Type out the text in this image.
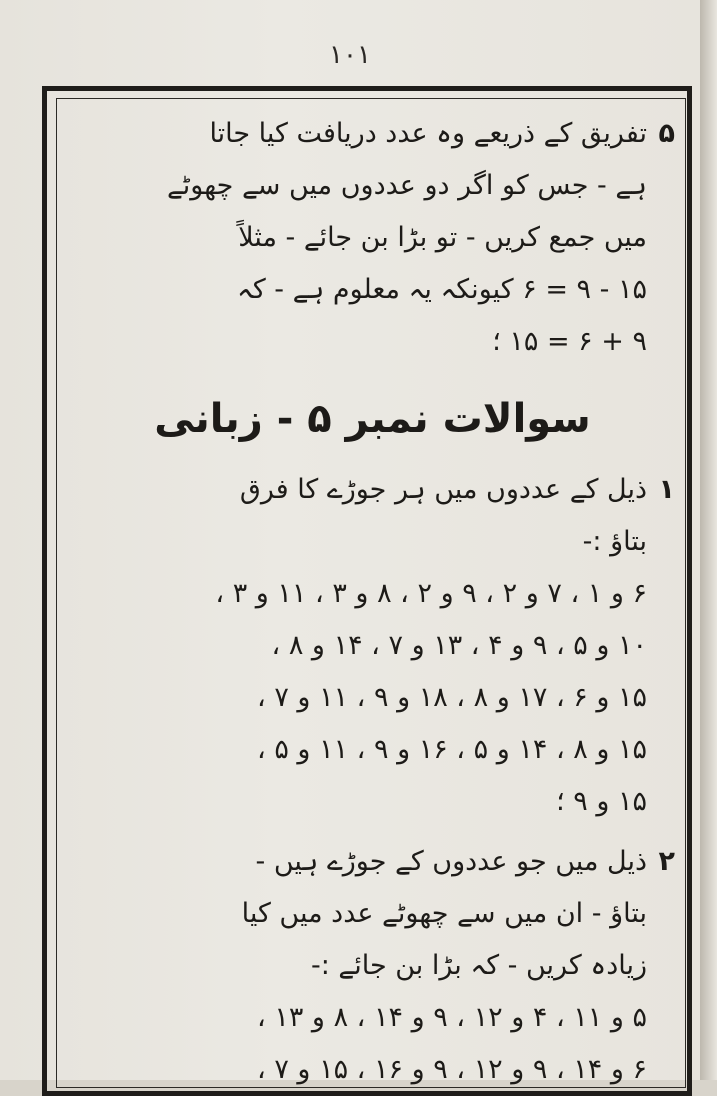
۱۰۱
۵تفریق کے ذریعے وہ عدد دریافت کیا جاتا
ہے - جس کو اگر دو عددوں میں سے چھوٹے
میں جمع کریں - تو بڑا بن جائے - مثلاً
۱۵ - ۹ = ۶ کیونکہ یہ معلوم ہے - کہ
۹ + ۶ = ۱۵ ؛
سوالات نمبر ۵ - زبانی
۱ذیل کے عددوں میں ہر جوڑے کا فرق
بتاؤ :-
۶ و ۱ ، ۷ و ۲ ، ۹ و ۲ ، ۸ و ۳ ، ۱۱ و ۳ ،
۱۰ و ۵ ، ۹ و ۴ ، ۱۳ و ۷ ، ۱۴ و ۸ ،
۱۵ و ۶ ، ۱۷ و ۸ ، ۱۸ و ۹ ، ۱۱ و ۷ ،
۱۵ و ۸ ، ۱۴ و ۵ ، ۱۶ و ۹ ، ۱۱ و ۵ ،
۱۵ و ۹ ؛
۲ذیل میں جو عددوں کے جوڑے ہیں -
بتاؤ - ان میں سے چھوٹے عدد میں کیا
زیادہ کریں - کہ بڑا بن جائے :-
۵ و ۱۱ ، ۴ و ۱۲ ، ۹ و ۱۴ ، ۸ و ۱۳ ،
۶ و ۱۴ ، ۹ و ۱۲ ، ۹ و ۱۶ ، ۱۵ و ۷ ،
